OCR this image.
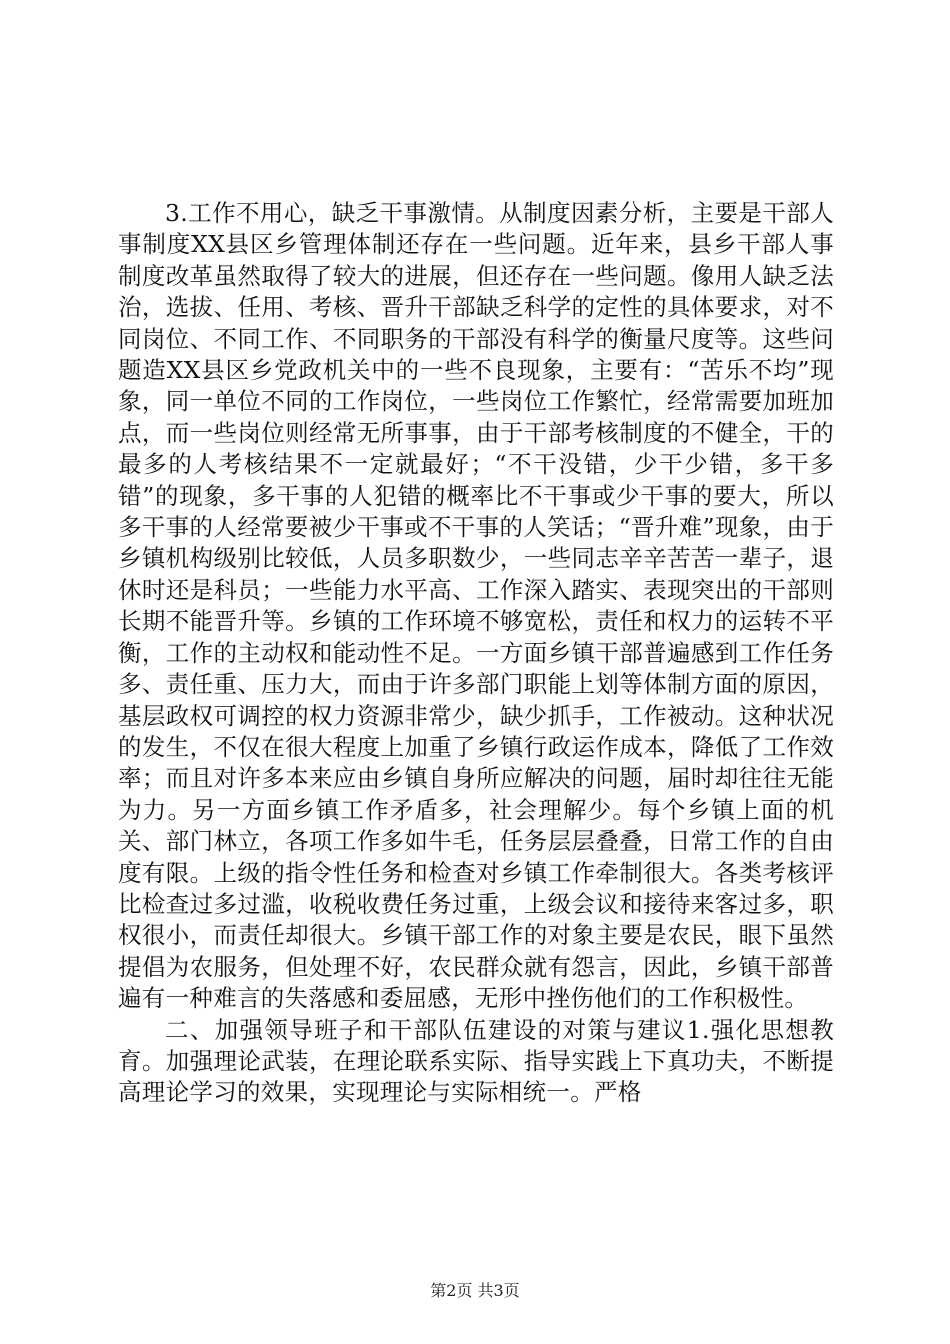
3.工作不用心，缺乏干事激情。从制度因素分析，主要是干部人事制度XX县区乡管理体制还存在一些问题。近年来，县乡干部人事制度改革虽然取得了较大的进展，但还存在一些问题。像用人缺乏法治，选拔、任用、考核、晋升干部缺乏科学的定性的具体要求，对不同岗位、不同工作、不同职务的干部没有科学的衡量尺度等。这些问题造XX县区乡党政机关中的一些不良现象，主要有：“苦乐不均”现象，同一单位不同的工作岗位，一些岗位工作繁忙，经常需要加班加点，而一些岗位则经常无所事事，由于干部考核制度的不健全，干的最多的人考核结果不一定就最好；“不干没错，少干少错，多干多错”的现象，多干事的人犯错的概率比不干事或少干事的要大，所以多干事的人经常要被少干事或不干事的人笑话；“晋升难”现象，由于乡镇机构级别比较低，人员多职数少，一些同志辛辛苦苦一辈子，退休时还是科员；一些能力水平高、工作深入踏实、表现突出的干部则长期不能晋升等。乡镇的工作环境不够宽松，责任和权力的运转不平衡，工作的主动权和能动性不足。一方面乡镇干部普遍感到工作任务多、责任重、压力大，而由于许多部门职能上划等体制方面的原因，基层政权可调控的权力资源非常少，缺少抓手，工作被动。这种状况的发生，不仅在很大程度上加重了乡镇行政运作成本，降低了工作效率；而且对许多本来应由乡镇自身所应解决的问题，届时却往往无能为力。另一方面乡镇工作矛盾多，社会理解少。每个乡镇上面的机关、部门林立，各项工作多如牛毛，任务层层叠叠，日常工作的自由度有限。上级的指令性任务和检查对乡镇工作牵制很大。各类考核评比检查过多过滥，收税收费任务过重，上级会议和接待来客过多，职权很小，而责任却很大。乡镇干部工作的对象主要是农民，眼下虽然提倡为农服务，但处理不好，农民群众就有怨言，因此，乡镇干部普遍有一种难言的失落感和委屈感，无形中挫伤他们的工作积极性。

二、加强领导班子和干部队伍建设的对策与建议1.强化思想教育。加强理论武装，在理论联系实际、指导实践上下真功夫，不断提高理论学习的效果，实现理论与实际相统一。严格

第2页 共3页
